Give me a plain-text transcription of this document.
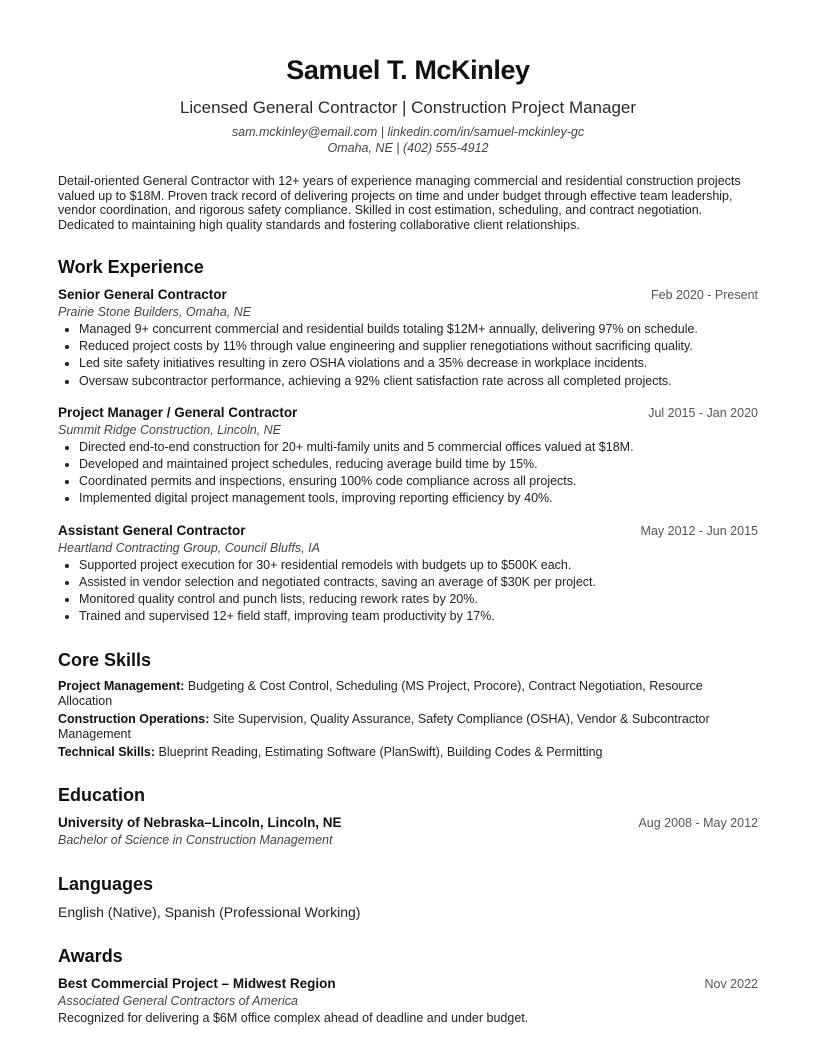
Samuel T. McKinley
Licensed General Contractor | Construction Project Manager
sam.mckinley@email.com | linkedin.com/in/samuel-mckinley-gc
Omaha, NE | (402) 555-4912
Detail-oriented General Contractor with 12+ years of experience managing commercial and residential construction projects valued up to $18M. Proven track record of delivering projects on time and under budget through effective team leadership, vendor coordination, and rigorous safety compliance. Skilled in cost estimation, scheduling, and contract negotiation. Dedicated to maintaining high quality standards and fostering collaborative client relationships.
Work Experience
Senior General Contractor	Feb 2020 - Present
Prairie Stone Builders, Omaha, NE
• Managed 9+ concurrent commercial and residential builds totaling $12M+ annually, delivering 97% on schedule.
• Reduced project costs by 11% through value engineering and supplier renegotiations without sacrificing quality.
• Led site safety initiatives resulting in zero OSHA violations and a 35% decrease in workplace incidents.
• Oversaw subcontractor performance, achieving a 92% client satisfaction rate across all completed projects.
Project Manager / General Contractor	Jul 2015 - Jan 2020
Summit Ridge Construction, Lincoln, NE
• Directed end-to-end construction for 20+ multi-family units and 5 commercial offices valued at $18M.
• Developed and maintained project schedules, reducing average build time by 15%.
• Coordinated permits and inspections, ensuring 100% code compliance across all projects.
• Implemented digital project management tools, improving reporting efficiency by 40%.
Assistant General Contractor	May 2012 - Jun 2015
Heartland Contracting Group, Council Bluffs, IA
• Supported project execution for 30+ residential remodels with budgets up to $500K each.
• Assisted in vendor selection and negotiated contracts, saving an average of $30K per project.
• Monitored quality control and punch lists, reducing rework rates by 20%.
• Trained and supervised 12+ field staff, improving team productivity by 17%.
Core Skills
Project Management: Budgeting & Cost Control, Scheduling (MS Project, Procore), Contract Negotiation, Resource Allocation
Construction Operations: Site Supervision, Quality Assurance, Safety Compliance (OSHA), Vendor & Subcontractor Management
Technical Skills: Blueprint Reading, Estimating Software (PlanSwift), Building Codes & Permitting
Education
University of Nebraska–Lincoln, Lincoln, NE	Aug 2008 - May 2012
Bachelor of Science in Construction Management
Languages
English (Native), Spanish (Professional Working)
Awards
Best Commercial Project – Midwest Region	Nov 2022
Associated General Contractors of America
Recognized for delivering a $6M office complex ahead of deadline and under budget.
